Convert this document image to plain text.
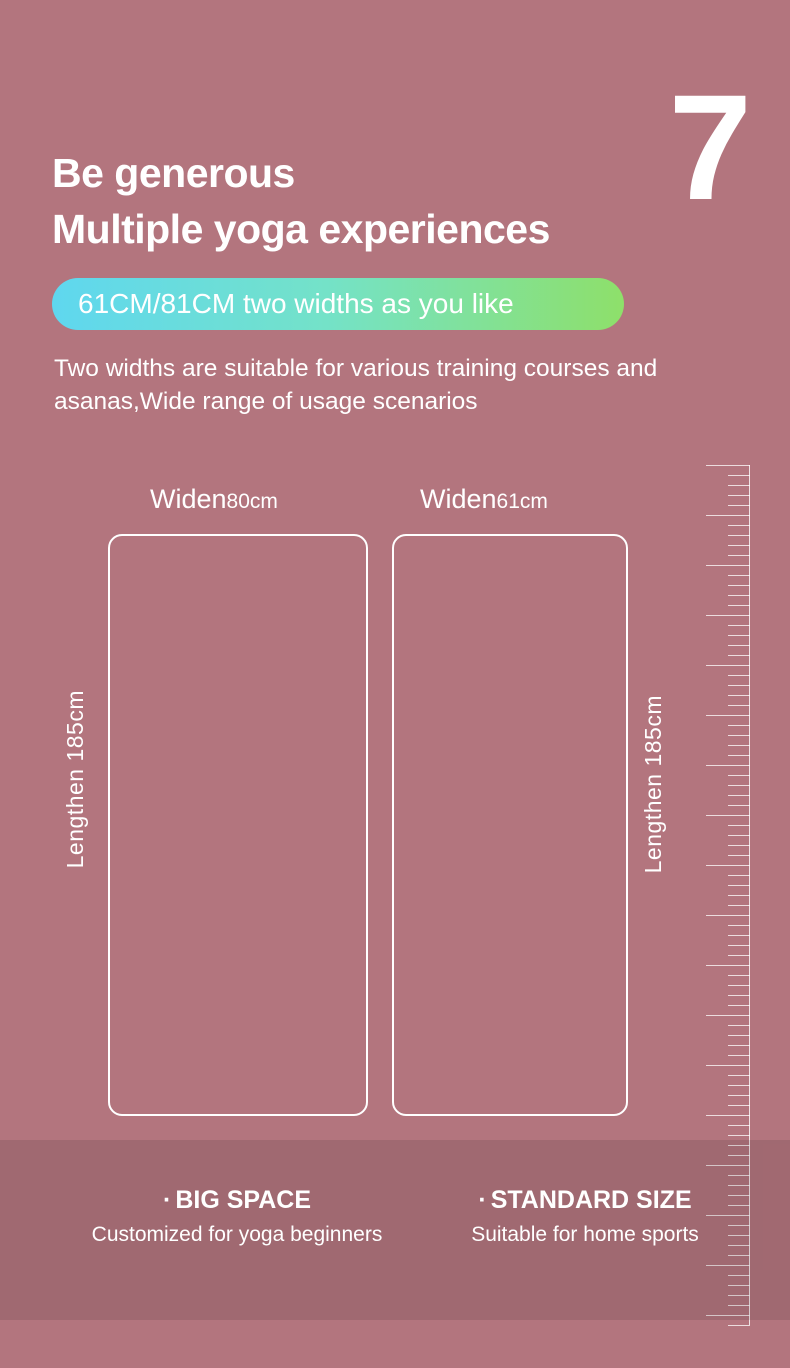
7
Be generous
Multiple yoga experiences
61CM/81CM two widths as you like
Two widths are suitable for various training courses and asanas,Wide range of usage scenarios
Widen80cm	Widen61cm
Lengthen 185cm	Lengthen 185cm
· BIG SPACE
Customized for yoga beginners
· STANDARD SIZE
Suitable for home sports
